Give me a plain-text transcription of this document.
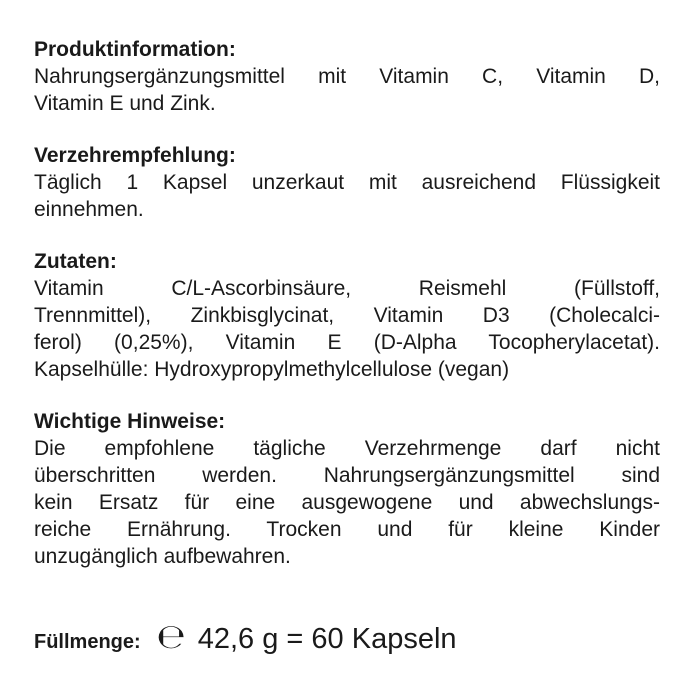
Produktinformation:

Nahrungsergänzungsmittel mit Vitamin C, Vitamin D,
Vitamin E und Zink.

Verzehrempfehlung:

Täglich 1 Kapsel unzerkaut mit ausreichend Flüssigkeit
einnehmen.

Zutaten:

Vitamin C/L-Ascorbinsäure, Reismehl (Füllstoff,
Trennmittel), Zinkbisglycinat, Vitamin D3 (Cholecalci-
ferol) (0,25%), Vitamin E (D-Alpha Tocopherylacetat).
Kapselhülle: Hydroxypropylmethylcellulose (vegan)

Wichtige Hinweise:

Die empfohlene tägliche Verzehrmenge darf nicht
überschritten werden. Nahrungsergänzungsmittel sind
kein Ersatz für eine ausgewogene und abwechslungs-
reiche Ernährung. Trocken und für kleine Kinder
unzugänglich aufbewahren.

Füllmenge: ℮ 42,6 g = 60 Kapseln
